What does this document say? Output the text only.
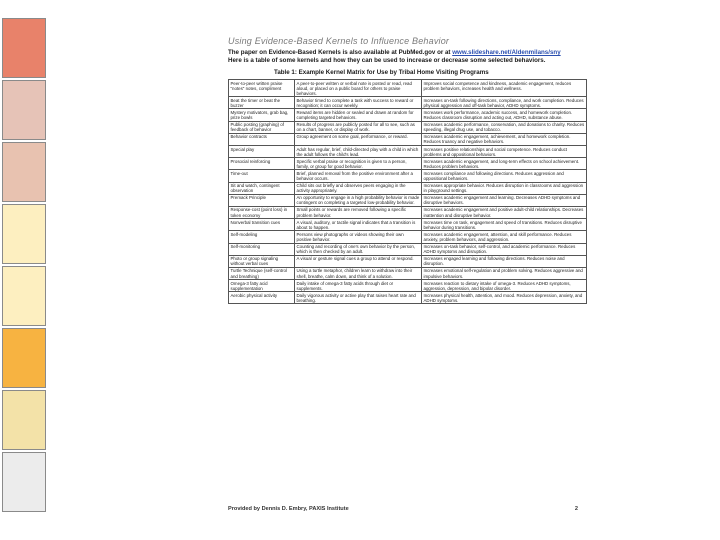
Using Evidence-Based Kernels to Influence Behavior
The paper on Evidence-Based Kernels is also available at PubMed.gov or at www.slideshare.net/Aldenmilans/sny
Here is a table of some kernels and how they can be used to increase or decrease some selected behaviors.
Table 1: Example Kernel Matrix for Use by Tribal Home Visiting Programs
Peer-to-peer written praise "notes" notes, compliment	A peer-to-peer written or verbal note is posted or read, read aloud, or placed on a public board for others to praise behaviors.	Improves social competence and kindness, academic engagement, reduces problem behaviors, increases health and wellness.
Beat the timer or beat the buzzer	Behavior timed to complete a task with success to reward or recognition; it can occur weekly.	Increases on-task following directions, compliance, and work completion. Reduces physical aggression and off-task behavior, ADHD symptoms.
Mystery motivators, grab bag, prize bowls	Reward items are hidden or sealed and drawn at random for completing targeted behaviors.	Increases work performance, academic success, and homework completion. Reduces classroom disruption and acting out, ADHD, substance abuse.
Public posting (graphing) of feedback of behavior	Results of progress are publicly posted for all to see, such as on a chart, banner, or display of work.	Increases academic performance, conservation, and donations to charity. Reduces speeding, illegal drug use, and tobacco.
Behavior contracts	Group agreement on some goal, performance, or reward.	Increases academic engagement, achievement, and homework completion. Reduces truancy and negative behaviors.
Special play	Adult has regular, brief, child-directed play with a child in which the adult follows the child's lead.	Increases positive relationships and social competence. Reduces conduct problems and oppositional behaviors.
Prosocial reinforcing	Specific verbal praise or recognition is given to a person, family, or group for good behavior.	Increases academic engagement, and long-term effects on school achievement. Reduces problem behaviors.
Time-out	Brief, planned removal from the positive environment after a behavior occurs.	Increases compliance and following directions. Reduces aggression and oppositional behaviors.
Sit and watch, contingent observation	Child sits out briefly and observes peers engaging in the activity appropriately.	Increases appropriate behavior. Reduces disruption in classrooms and aggression in playground settings.
Premack Principle	An opportunity to engage in a high probability behavior is made contingent on completing a targeted low-probability behavior.	Increases academic engagement and learning. Decreases ADHD symptoms and disruptive behaviors.
Response-cost (point loss) in token economy	Small points or rewards are removed following a specific problem behavior.	Increases academic engagement and positive adult-child relationships. Decreases inattention and disruptive behavior.
Nonverbal transition cues	A visual, auditory, or tactile signal indicates that a transition is about to happen.	Increases time on task, engagement and speed of transitions. Reduces disruptive behavior during transitions.
Self-modeling	Persons view photographs or videos showing their own positive behavior.	Increases academic engagement, attention, and skill performance. Reduces anxiety, problem behaviors, and aggression.
Self-monitoring	Counting and recording of one's own behavior by the person, which is then checked by an adult.	Increases on-task behavior, self-control, and academic performance. Reduces ADHD symptoms and disruption.
Photo or group signaling without verbal cues	A visual or gesture signal cues a group to attend or respond.	Increases engaged learning and following directions. Reduces noise and disruption.
Turtle Technique (self-control and breathing)	Using a turtle metaphor, children learn to withdraw into their shell, breathe, calm down, and think of a solution.	Increases emotional self-regulation and problem solving. Reduces aggressive and impulsive behaviors.
Omega-3 fatty acid supplementation	Daily intake of omega-3 fatty acids through diet or supplements.	Increases reaction to dietary intake of omega-3. Reduces ADHD symptoms, aggression, depression, and bipolar disorder.
Aerobic physical activity	Daily vigorous activity or active play that raises heart rate and breathing.	Increases physical health, attention, and mood. Reduces depression, anxiety, and ADHD symptoms.
Provided by Dennis D. Embry, PAXIS Institute	2
